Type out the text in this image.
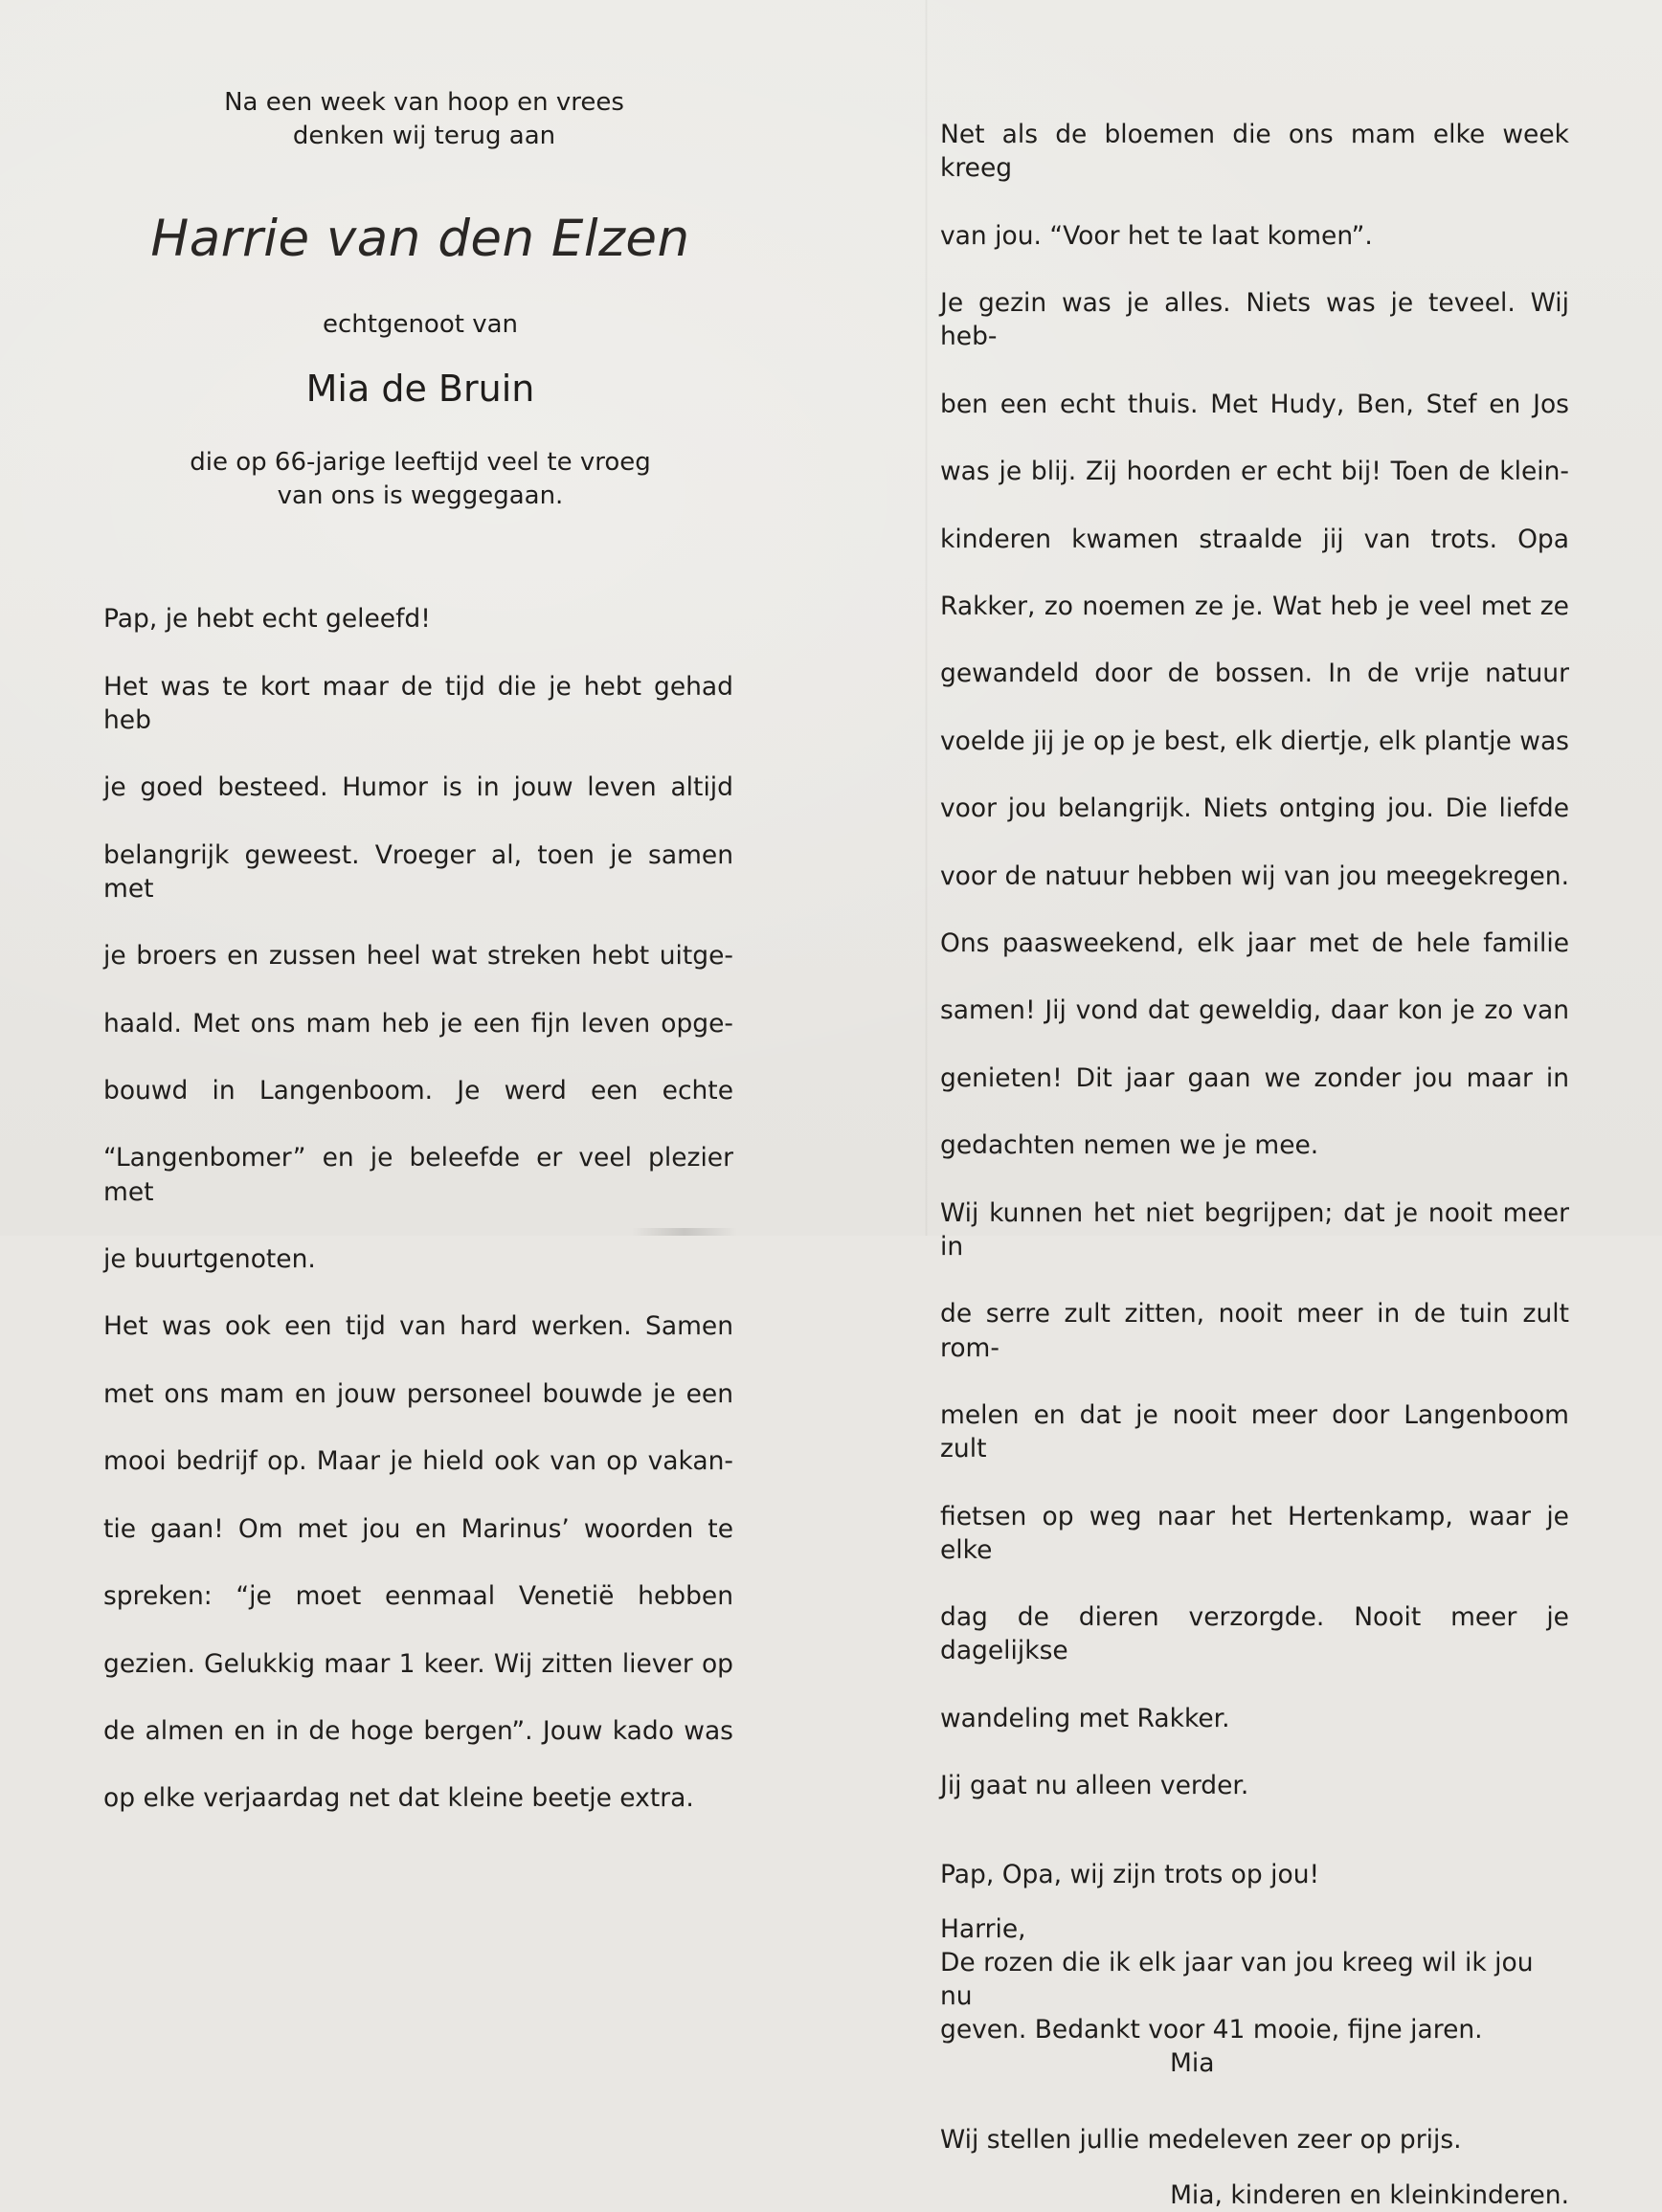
Na een week van hoop en vrees
denken wij terug aan
Harrie van den Elzen
echtgenoot van
Mia de Bruin
die op 66-jarige leeftijd veel te vroeg
van ons is weggegaan.

Pap, je hebt echt geleefd!

Het was te kort maar de tijd die je hebt gehad heb

je goed besteed. Humor is in jouw leven altijd

belangrijk geweest. Vroeger al, toen je samen met

je broers en zussen heel wat streken hebt uitge-

haald. Met ons mam heb je een fijn leven opge-

bouwd in Langenboom. Je werd een echte

“Langenbomer” en je beleefde er veel plezier met

je buurtgenoten.

Het was ook een tijd van hard werken. Samen

met ons mam en jouw personeel bouwde je een

mooi bedrijf op. Maar je hield ook van op vakan-

tie gaan! Om met jou en Marinus’ woorden te

spreken: “je moet eenmaal Venetië hebben

gezien. Gelukkig maar 1 keer. Wij zitten liever op

de almen en in de hoge bergen”. Jouw kado was

op elke verjaardag net dat kleine beetje extra.

Net als de bloemen die ons mam elke week kreeg

van jou. “Voor het te laat komen”.

Je gezin was je alles. Niets was je teveel. Wij heb-

ben een echt thuis. Met Hudy, Ben, Stef en Jos

was je blij. Zij hoorden er echt bij! Toen de klein-

kinderen kwamen straalde jij van trots. Opa

Rakker, zo noemen ze je. Wat heb je veel met ze

gewandeld door de bossen. In de vrije natuur

voelde jij je op je best, elk diertje, elk plantje was

voor jou belangrijk. Niets ontging jou. Die liefde

voor de natuur hebben wij van jou meegekregen.

Ons paasweekend, elk jaar met de hele familie

samen! Jij vond dat geweldig, daar kon je zo van

genieten! Dit jaar gaan we zonder jou maar in

gedachten nemen we je mee.

Wij kunnen het niet begrijpen; dat je nooit meer in

de serre zult zitten, nooit meer in de tuin zult rom-

melen en dat je nooit meer door Langenboom zult

fietsen op weg naar het Hertenkamp, waar je elke

dag de dieren verzorgde. Nooit meer je dagelijkse

wandeling met Rakker.

Jij gaat nu alleen verder.

Pap, Opa, wij zijn trots op jou!
Harrie,
De rozen die ik elk jaar van jou kreeg wil ik jou nu
geven. Bedankt voor 41 mooie, fijne jaren.
Mia
Wij stellen jullie medeleven zeer op prijs.
Mia, kinderen en kleinkinderen.
